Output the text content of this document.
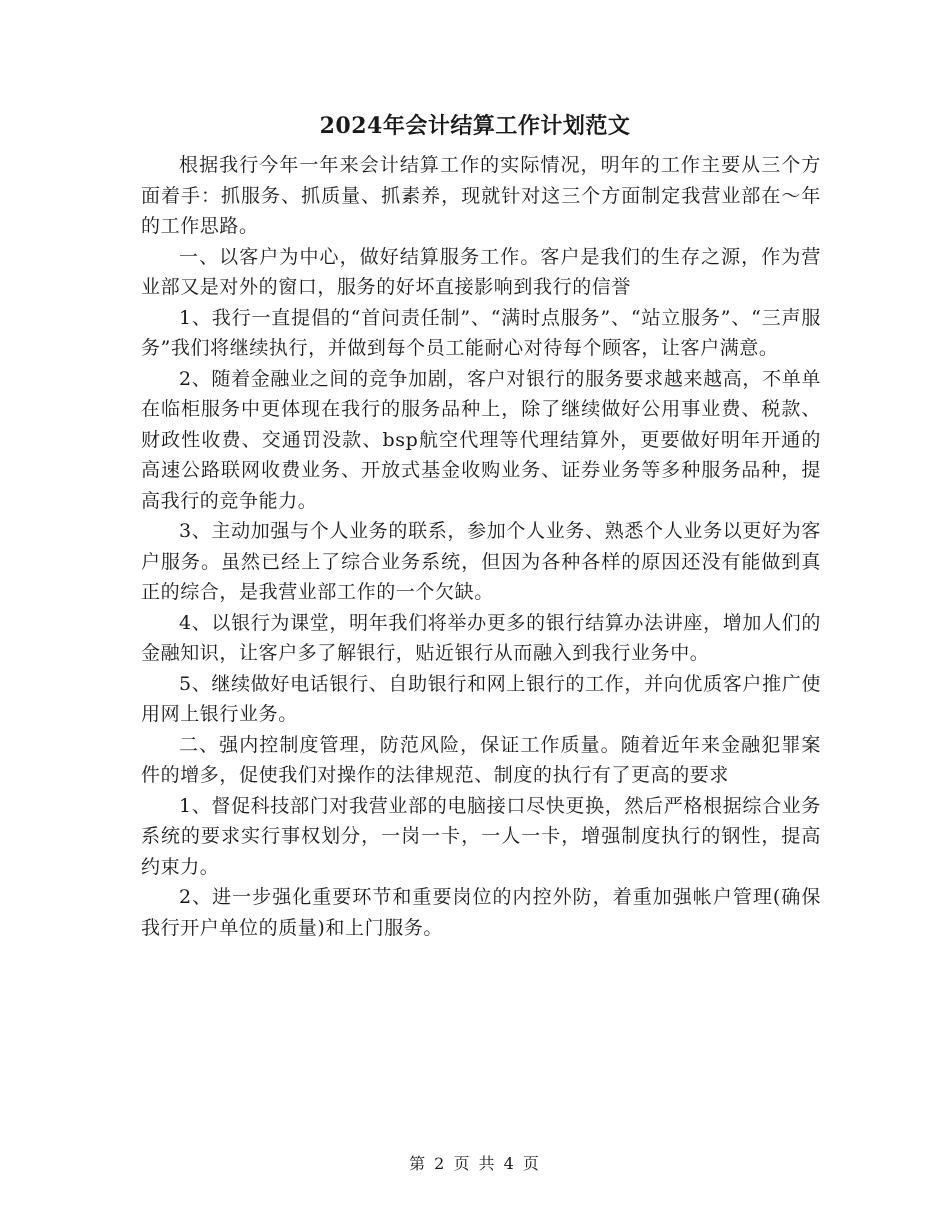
2024年会计结算工作计划范文

根据我行今年一年来会计结算工作的实际情况，明年的工作主要从三个方面着手：抓服务、抓质量、抓素养，现就针对这三个方面制定我营业部在～年的工作思路。

一、以客户为中心，做好结算服务工作。客户是我们的生存之源，作为营业部又是对外的窗口，服务的好坏直接影响到我行的信誉

1、我行一直提倡的“首问责任制”、“满时点服务”、“站立服务”、“三声服务”我们将继续执行，并做到每个员工能耐心对待每个顾客，让客户满意。

2、随着金融业之间的竞争加剧，客户对银行的服务要求越来越高，不单单在临柜服务中更体现在我行的服务品种上，除了继续做好公用事业费、税款、财政性收费、交通罚没款、bsp航空代理等代理结算外，更要做好明年开通的高速公路联网收费业务、开放式基金收购业务、证券业务等多种服务品种，提高我行的竞争能力。

3、主动加强与个人业务的联系，参加个人业务、熟悉个人业务以更好为客户服务。虽然已经上了综合业务系统，但因为各种各样的原因还没有能做到真正的综合，是我营业部工作的一个欠缺。

4、以银行为课堂，明年我们将举办更多的银行结算办法讲座，增加人们的金融知识，让客户多了解银行，贴近银行从而融入到我行业务中。

5、继续做好电话银行、自助银行和网上银行的工作，并向优质客户推广使用网上银行业务。

二、强内控制度管理，防范风险，保证工作质量。随着近年来金融犯罪案件的增多，促使我们对操作的法律规范、制度的执行有了更高的要求

1、督促科技部门对我营业部的电脑接口尽快更换，然后严格根据综合业务系统的要求实行事权划分，一岗一卡，一人一卡，增强制度执行的钢性，提高约束力。

2、进一步强化重要环节和重要岗位的内控外防，着重加强帐户管理(确保我行开户单位的质量)和上门服务。

第 2 页 共 4 页
